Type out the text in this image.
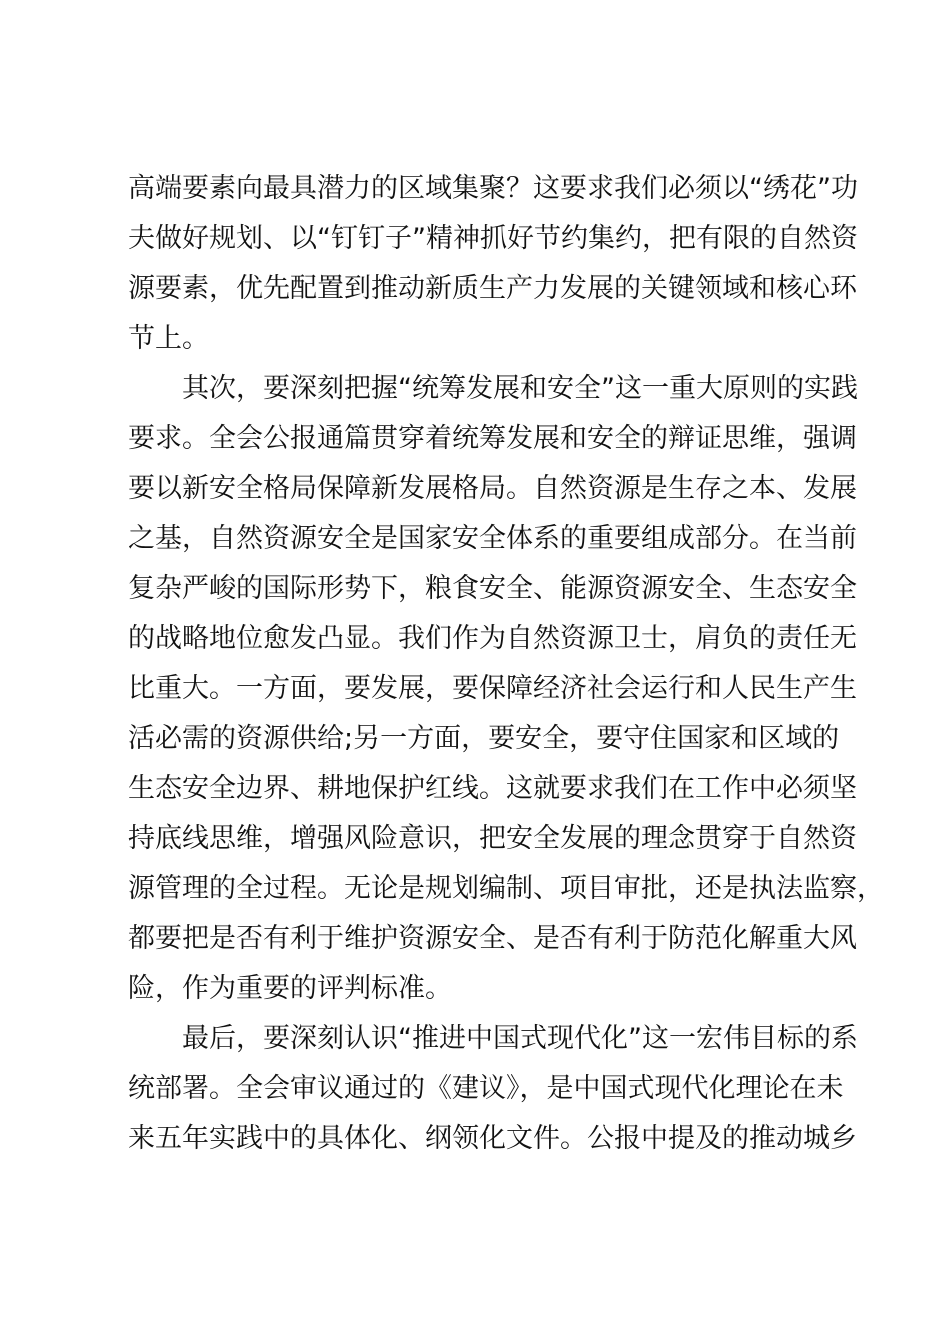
高端要素向最具潜力的区域集聚？这要求我们必须以“绣花”功
夫做好规划、以“钉钉子”精神抓好节约集约，把有限的自然资
源要素，优先配置到推动新质生产力发展的关键领域和核心环
节上。
其次，要深刻把握“统筹发展和安全”这一重大原则的实践
要求。全会公报通篇贯穿着统筹发展和安全的辩证思维，强调
要以新安全格局保障新发展格局。自然资源是生存之本、发展
之基，自然资源安全是国家安全体系的重要组成部分。在当前
复杂严峻的国际形势下，粮食安全、能源资源安全、生态安全
的战略地位愈发凸显。我们作为自然资源卫士，肩负的责任无
比重大。一方面，要发展，要保障经济社会运行和人民生产生
活必需的资源供给;另一方面，要安全，要守住国家和区域的
生态安全边界、耕地保护红线。这就要求我们在工作中必须坚
持底线思维，增强风险意识，把安全发展的理念贯穿于自然资
源管理的全过程。无论是规划编制、项目审批，还是执法监察，
都要把是否有利于维护资源安全、是否有利于防范化解重大风
险，作为重要的评判标准。
最后，要深刻认识“推进中国式现代化”这一宏伟目标的系
统部署。全会审议通过的《建议》，是中国式现代化理论在未
来五年实践中的具体化、纲领化文件。公报中提及的推动城乡
